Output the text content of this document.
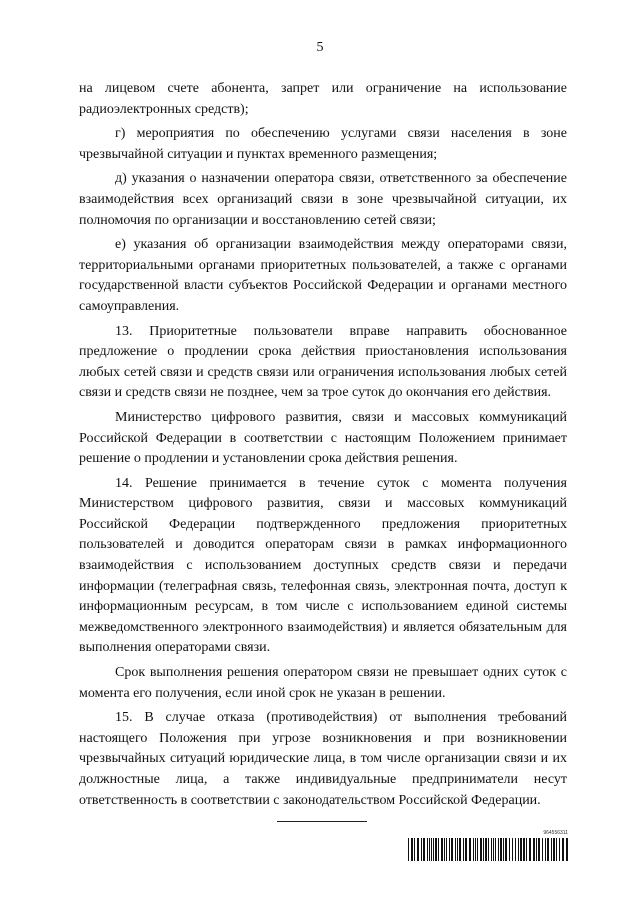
5

на лицевом счете абонента, запрет или ограничение на использование радиоэлектронных средств);

г) мероприятия по обеспечению услугами связи населения в зоне чрезвычайной ситуации и пунктах временного размещения;

д) указания о назначении оператора связи, ответственного за обеспечение взаимодействия всех организаций связи в зоне чрезвычайной ситуации, их полномочия по организации и восстановлению сетей связи;

е) указания об организации взаимодействия между операторами связи, территориальными органами приоритетных пользователей, а также с органами государственной власти субъектов Российской Федерации и органами местного самоуправления.

13. Приоритетные пользователи вправе направить обоснованное предложение о продлении срока действия приостановления использования любых сетей связи и средств связи или ограничения использования любых сетей связи и средств связи не позднее, чем за трое суток до окончания его действия.

Министерство цифрового развития, связи и массовых коммуникаций Российской Федерации в соответствии с настоящим Положением принимает решение о продлении и установлении срока действия решения.

14. Решение принимается в течение суток с момента получения Министерством цифрового развития, связи и массовых коммуникаций Российской Федерации подтвержденного предложения приоритетных пользователей и доводится операторам связи в рамках информационного взаимодействия с использованием доступных средств связи и передачи информации (телеграфная связь, телефонная связь, электронная почта, доступ к информационным ресурсам, в том числе с использованием единой системы межведомственного электронного взаимодействия) и является обязательным для выполнения операторами связи.

Срок выполнения решения оператором связи не превышает одних суток с момента его получения, если иной срок не указан в решении.

15. В случае отказа (противодействия) от выполнения требований настоящего Положения при угрозе возникновения и при возникновении чрезвычайных ситуаций юридические лица, в том числе организации связи и их должностные лица, а также индивидуальные предприниматели несут ответственность в соответствии с законодательством Российской Федерации.

964556311
